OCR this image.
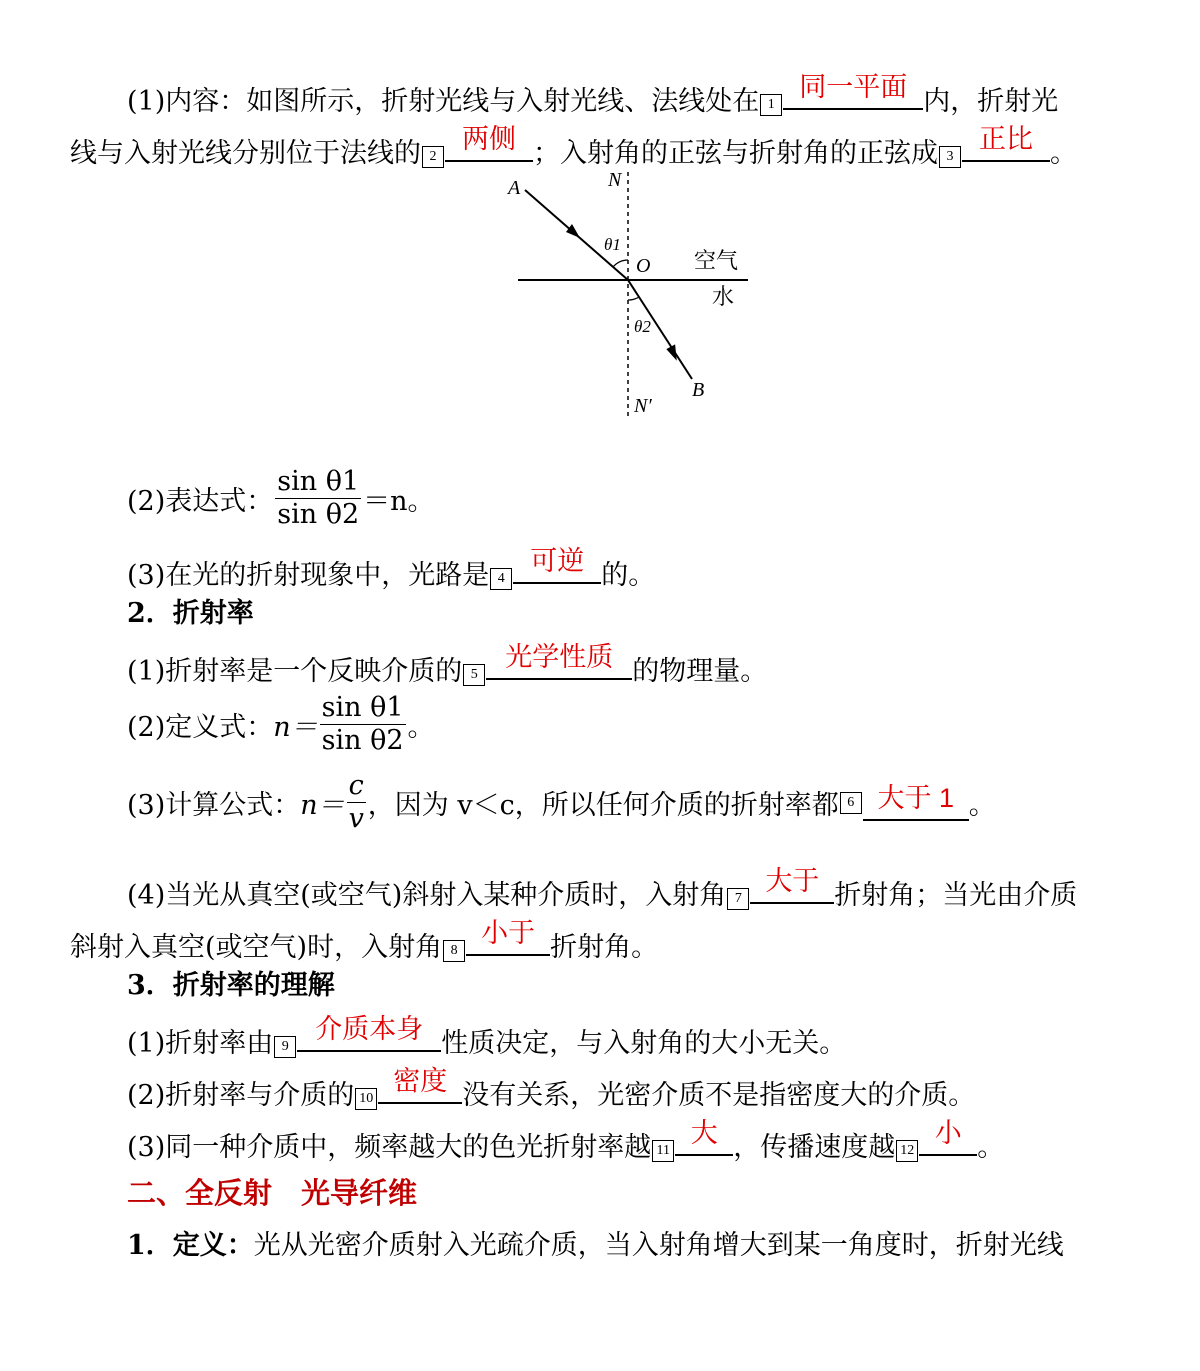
(1)内容：如图所示，折射光线与入射光线、法线处在 1
同一平面 内，折射光
线与入射光线分别位于法线的 2
两侧 ；入射角的正弦与折射角的正弦成 3
正比 。
A	N
θ1
O 空气
水
θ2
B
N′
(2)表达式： $\frac{\text{sin θ1}}{\text{sin θ2}} =n$。
(3)在光的折射现象中，光路是 4
可逆 的。
2．折射率
(1)折射率是一个反映介质的 5
光学性质 的物理量。
(2)定义式：$n= \frac{\text{sin θ1}}{\text{sin θ2}}$ 。
(3)计算公式：$n= \frac{c}{v}$ ，因为 v＜c，所以任何介质的折射率都 6 大于 1 。
(4)当光从真空(或空气)斜射入某种介质时，入射角 7
大于 折射角；当光由介质
斜射入真空(或空气)时，入射角 8
小于 折射角。
3．折射率的理解
(1)折射率由 9
介质本身 性质决定，与入射角的大小无关。
(2)折射率与介质的 10
密度 没有关系，光密介质不是指密度大的介质。
(3)同一种介质中，频率越大的色光折射率越 11
大 ，传播速度越 12
小 。
二、全反射　光导纤维
1．定义：光从光密介质射入光疏介质，当入射角增大到某一角度时，折射光线
